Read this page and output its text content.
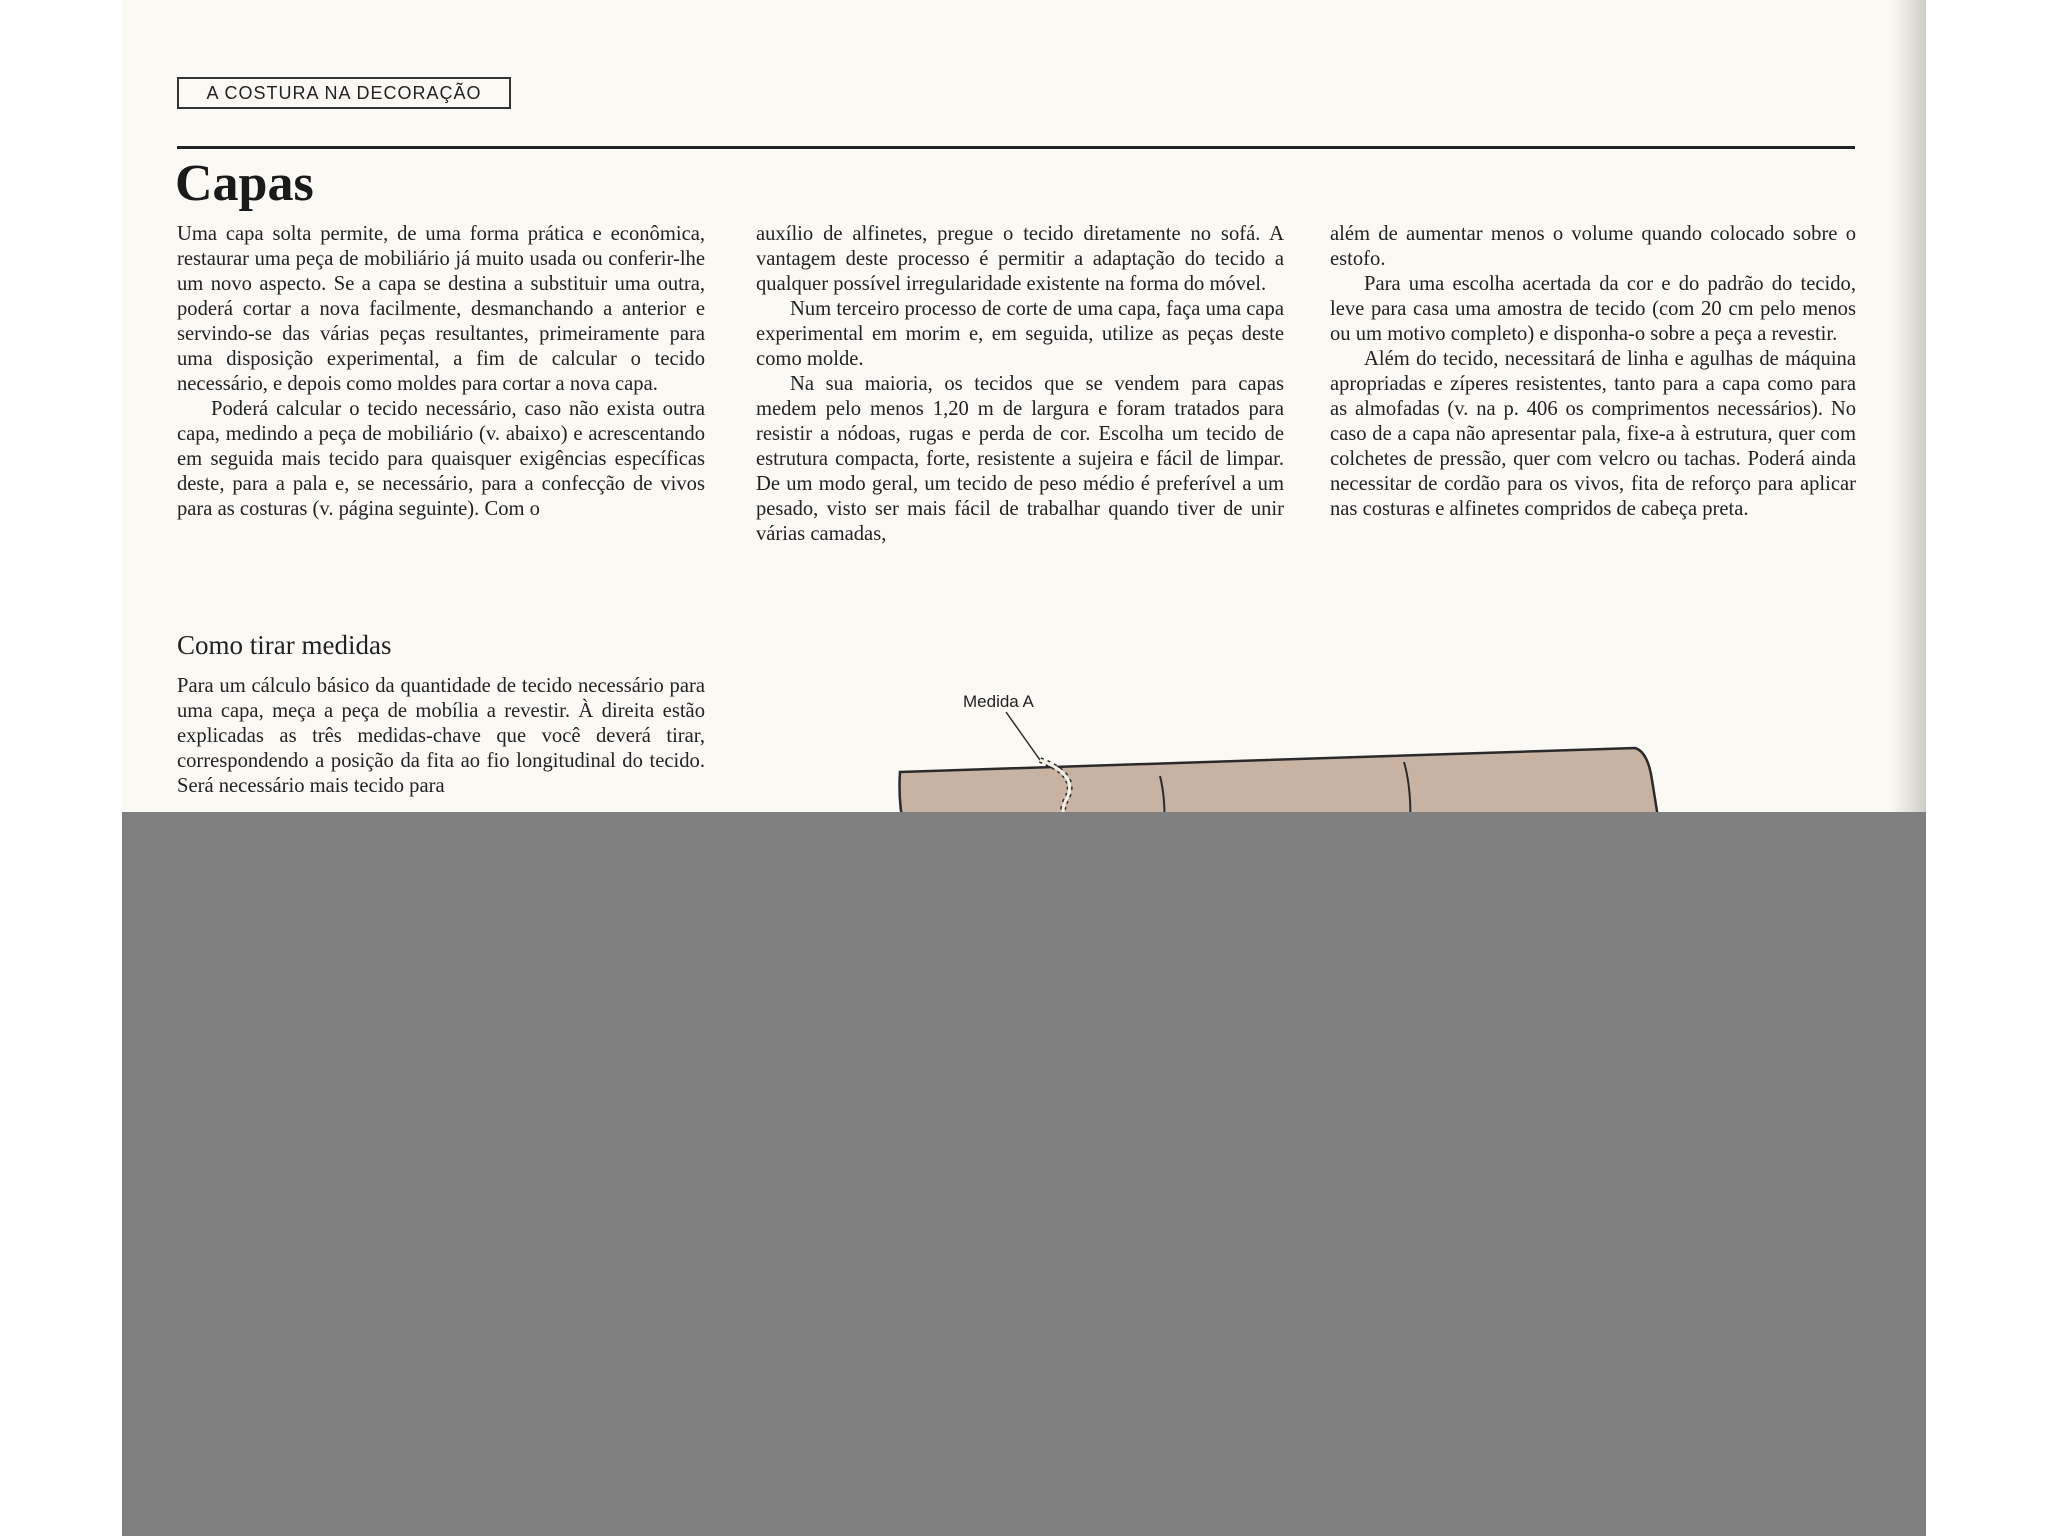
A COSTURA NA DECORAÇÃO
Capas

Uma capa solta permite, de uma forma prática e econômica, restaurar uma peça de mobiliário já muito usada ou conferir-lhe um novo aspecto. Se a capa se destina a substituir uma outra, poderá cortar a nova facilmente, desmanchando a anterior e servindo-se das várias peças resultantes, primeiramente para uma disposição experimental, a fim de calcular o tecido necessário, e depois como moldes para cortar a nova capa.

Poderá calcular o tecido necessário, caso não exista outra capa, medindo a peça de mobiliário (v. abaixo) e acrescentando em seguida mais tecido para quaisquer exigências específicas deste, para a pala e, se necessário, para a confecção de vivos para as costuras (v. página seguinte). Com o

auxílio de alfinetes, pregue o tecido diretamente no sofá. A vantagem deste processo é permitir a adaptação do tecido a qualquer possível irregularidade existente na forma do móvel.

Num terceiro processo de corte de uma capa, faça uma capa experimental em morim e, em seguida, utilize as peças deste como molde.

Na sua maioria, os tecidos que se vendem para capas medem pelo menos 1,20 m de largura e foram tratados para resistir a nódoas, rugas e perda de cor. Escolha um tecido de estrutura compacta, forte, resistente a sujeira e fácil de limpar. De um modo geral, um tecido de peso médio é preferível a um pesado, visto ser mais fácil de trabalhar quando tiver de unir várias camadas,

além de aumentar menos o volume quando colocado sobre o estofo.

Para uma escolha acertada da cor e do padrão do tecido, leve para casa uma amostra de tecido (com 20 cm pelo menos ou um motivo completo) e disponha-o sobre a peça a revestir.

Além do tecido, necessitará de linha e agulhas de máquina apropriadas e zíperes resistentes, tanto para a capa como para as almofadas (v. na p. 406 os comprimentos necessários). No caso de a capa não apresentar pala, fixe-a à estrutura, quer com colchetes de pressão, quer com velcro ou tachas. Poderá ainda necessitar de cordão para os vivos, fita de reforço para aplicar nas costuras e alfinetes compridos de cabeça preta.

Como tirar medidas

Para um cálculo básico da quantidade de tecido necessário para uma capa, meça a peça de mobília a revestir. À direita estão explicadas as três medidas-chave que você deverá tirar, correspondendo a posição da fita ao fio longitudinal do tecido. Será necessário mais tecido para

Medida A
